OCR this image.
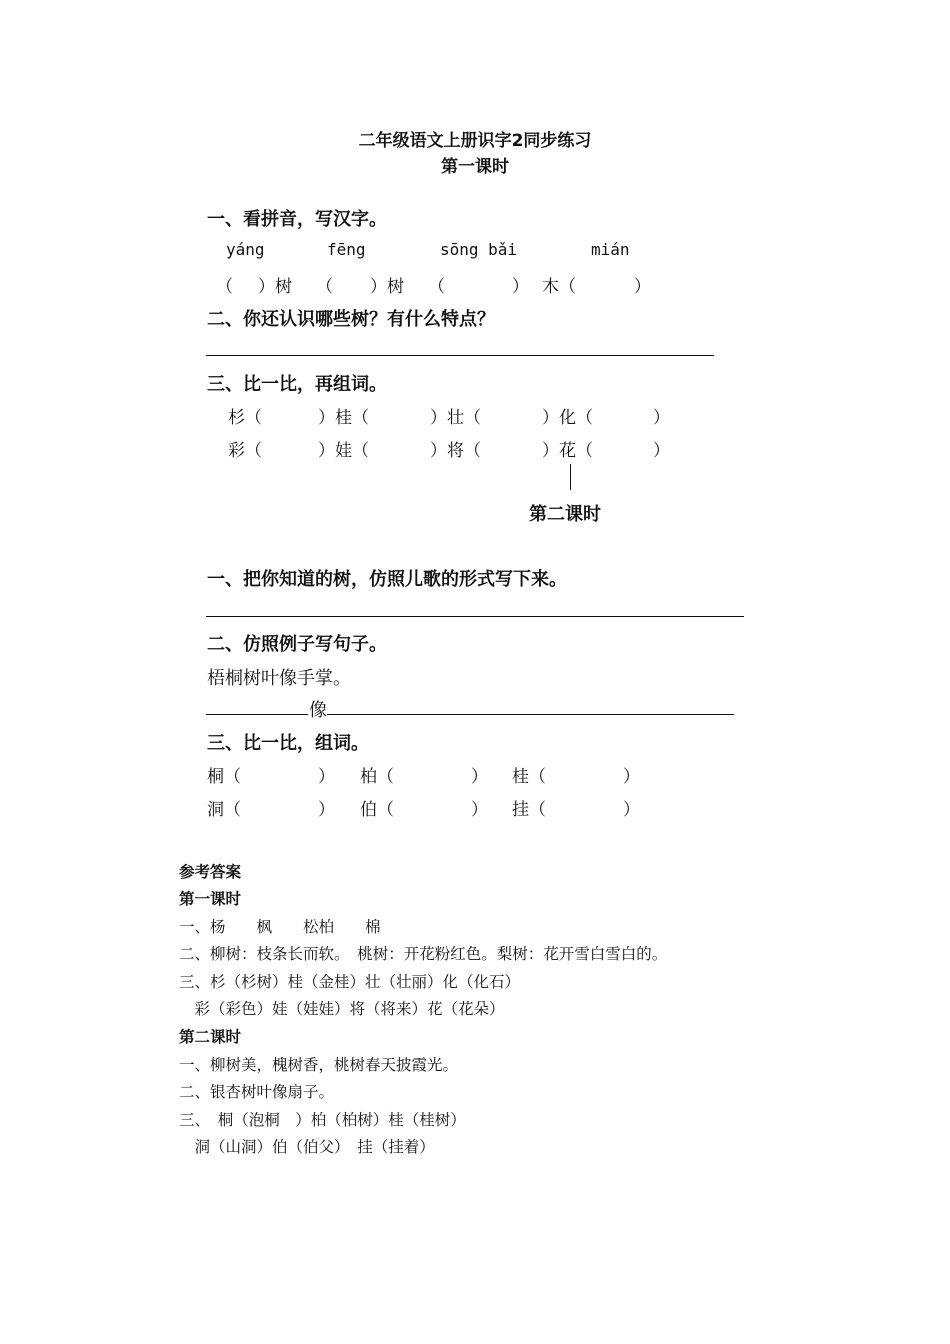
二年级语文上册识字2同步练习
第一课时
一、看拼音，写汉字。
yáng	fēng	sōng bǎi	mián
（ ）树 （ ）树 （	） 木（	）
二、你还认识哪些树？有什么特点？
三、比一比，再组词。
杉（	）桂（	）壮（	）化（	）
彩（	）娃（	）将（	）花（	）
第二课时
一、把你知道的树，仿照儿歌的形式写下来。
二、仿照例子写句子。
梧桐树叶像手掌。
像
三、比一比，组词。
桐（	） 柏（	） 桂（	）
洞（	） 伯（	） 挂（	）
参考答案
第一课时
一、杨　　枫　　松柏　　棉
二、柳树：枝条长而软。　桃树：开花粉红色。梨树：花开雪白雪白的。
三、杉（杉树）桂（金桂）壮（壮丽）化（化石）
　彩（彩色）娃（娃娃）将（将来）花（花朵）
第二课时
一、柳树美，槐树香，桃树春天披霞光。
二、银杏树叶像扇子。
三、　桐（泡桐　）柏（柏树）桂（桂树）
　洞（山洞）伯（伯父）　挂（挂着）
